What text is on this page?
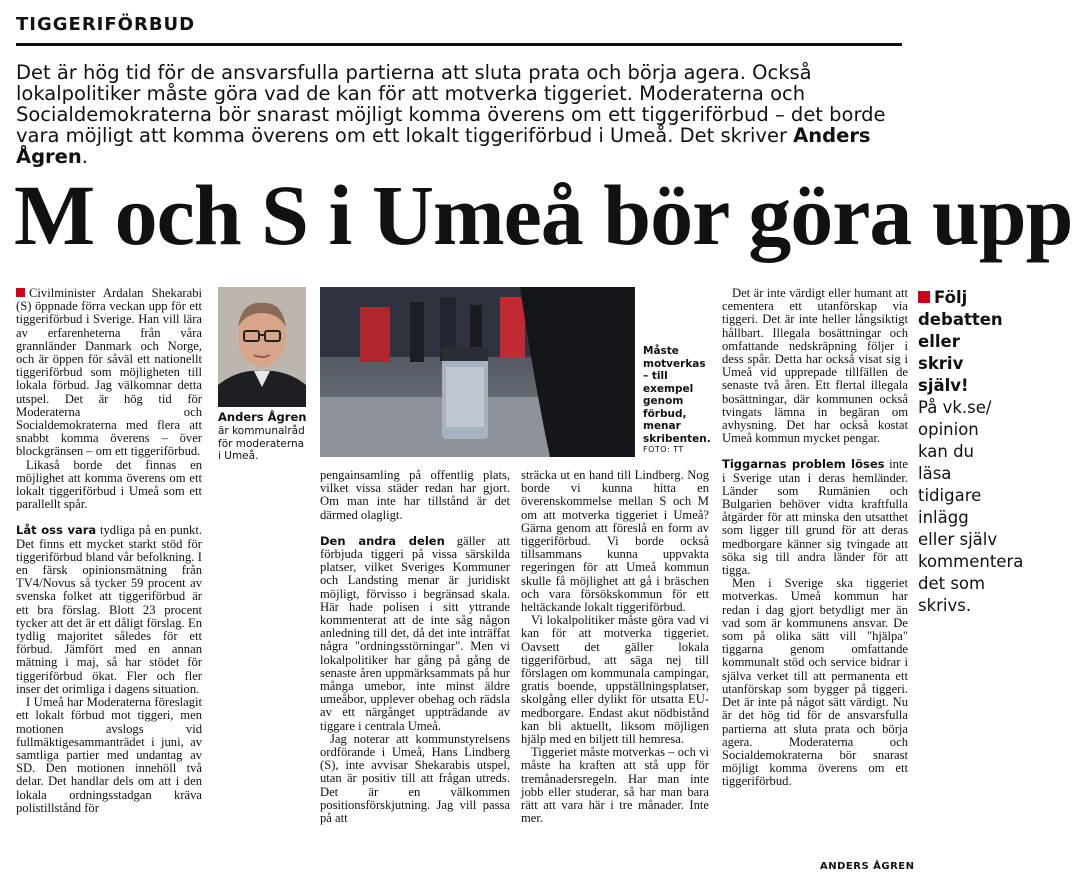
TIGGERIFÖRBUD
Det är hög tid för de ansvarsfulla partierna att sluta prata och börja agera. Också lokalpolitiker måste göra vad de kan för att motverka tiggeriet. Moderaterna och Socialdemokraterna bör snarast möjligt komma överens om ett tiggeriförbud – det borde vara möjligt att komma överens om ett lokalt tiggeriförbud i Umeå. Det skriver Anders Ågren.
M och S i Umeå bör göra upp

Civilminister Ardalan Shekarabi (S) öppnade förra veckan upp för ett tiggeriförbud i Sverige. Han vill lära av erfarenheterna från våra grannländer Danmark och Norge, och är öppen för såväl ett nationellt tiggeriförbud som möjligheten till lokala förbud. Jag välkomnar detta utspel. Det är hög tid för Moderaterna och Socialdemokraterna med flera att snabbt komma överens – över blockgränsen – om ett tiggeriförbud.

Likaså borde det finnas en möjlighet att komma överens om ett lokalt tiggeriförbud i Umeå som ett parallellt spår.

Låt oss vara tydliga på en punkt. Det finns ett mycket starkt stöd för tiggeriförbud bland vår befolkning. I en färsk opinionsmätning från TV4/Novus så tycker 59 procent av svenska folket att tiggeriförbud är ett bra förslag. Blott 23 procent tycker att det är ett dåligt förslag. En tydlig majoritet således för ett förbud. Jämfört med en annan mätning i maj, så har stödet för tiggeriförbud ökat. Fler och fler inser det orimliga i dagens situation.

I Umeå har Moderaterna föreslagit ett lokalt förbud mot tiggeri, men motionen avslogs vid fullmäktigesammanträdet i juni, av samtliga partier med undantag av SD. Den motionen innehöll två delar. Det handlar dels om att i den lokala ordningsstadgan kräva polistillstånd för

Anders Ågren
är kommunalråd för moderaterna i Umeå.
Måste motverkas – till exempel genom förbud, menar skribenten.
FOTO: TT

pengainsamling på offentlig plats, vilket vissa städer redan har gjort. Om man inte har tillstånd är det därmed olagligt.

Den andra delen gäller att förbjuda tiggeri på vissa särskilda platser, vilket Sveriges Kommuner och Landsting menar är juridiskt möjligt, förvisso i begränsad skala. Här hade polisen i sitt yttrande kommenterat att de inte såg någon anledning till det, då det inte inträffat några "ordningsstörningar". Men vi lokalpolitiker har gång på gång de senaste åren uppmärksammats på hur många umebor, inte minst äldre umeåbor, upplever obehag och rädsla av ett närgånget uppträdande av tiggare i centrala Umeå.

Jag noterar att kommunstyrelsens ordförande i Umeå, Hans Lindberg (S), inte avvisar Shekarabis utspel, utan är positiv till att frågan utreds. Det är en välkommen positionsförskjutning. Jag vill passa på att

sträcka ut en hand till Lindberg. Nog borde vi kunna hitta en överenskommelse mellan S och M om att motverka tiggeriet i Umeå? Gärna genom att föreslå en form av tiggeriförbud. Vi borde också tillsammans kunna uppvakta regeringen för att Umeå kommun skulle få möjlighet att gå i bräschen och vara försökskommun för ett heltäckande lokalt tiggeriförbud.

Vi lokalpolitiker måste göra vad vi kan för att motverka tiggeriet. Oavsett det gäller lokala tiggeriförbud, att säga nej till förslagen om kommunala campingar, gratis boende, uppställningsplatser, skolgång eller dylikt för utsatta EU-medborgare. Endast akut nödbistånd kan bli aktuellt, liksom möjligen hjälp med en biljett till hemresa.

Tiggeriet måste motverkas – och vi måste ha kraften att stå upp för tremånadersregeln. Har man inte jobb eller studerar, så har man bara rätt att vara här i tre månader. Inte mer.

Det är inte värdigt eller humant att cementera ett utanförskap via tiggeri. Det är inte heller långsiktigt hållbart. Illegala bosättningar och omfattande nedskräpning följer i dess spår. Detta har också visat sig i Umeå vid upprepade tillfällen de senaste två åren. Ett flertal illegala bosättningar, där kommunen också tvingats lämna in begäran om avhysning. Det har också kostat Umeå kommun mycket pengar.

Tiggarnas problem löses inte i Sverige utan i deras hemländer. Länder som Rumänien och Bulgarien behöver vidta kraftfulla åtgärder för att minska den utsatthet som ligger till grund för att deras medborgare känner sig tvingade att söka sig till andra länder för att tigga.

Men i Sverige ska tiggeriet motverkas. Umeå kommun har redan i dag gjort betydligt mer än vad som är kommunens ansvar. De som på olika sätt vill "hjälpa" tiggarna genom omfattande kommunalt stöd och service bidrar i själva verket till att permanenta ett utanförskap som bygger på tiggeri. Det är inte på något sätt värdigt. Nu är det hög tid för de ansvarsfulla partierna att sluta prata och börja agera. Moderaterna och Socialdemokraterna bör snarast möjligt komma överens om ett tiggeriförbud.

ANDERS ÅGREN
Följ debatten eller skriv själv!
På vk.se/ opinion kan du läsa tidigare inlägg eller själv kommentera det som skrivs.
